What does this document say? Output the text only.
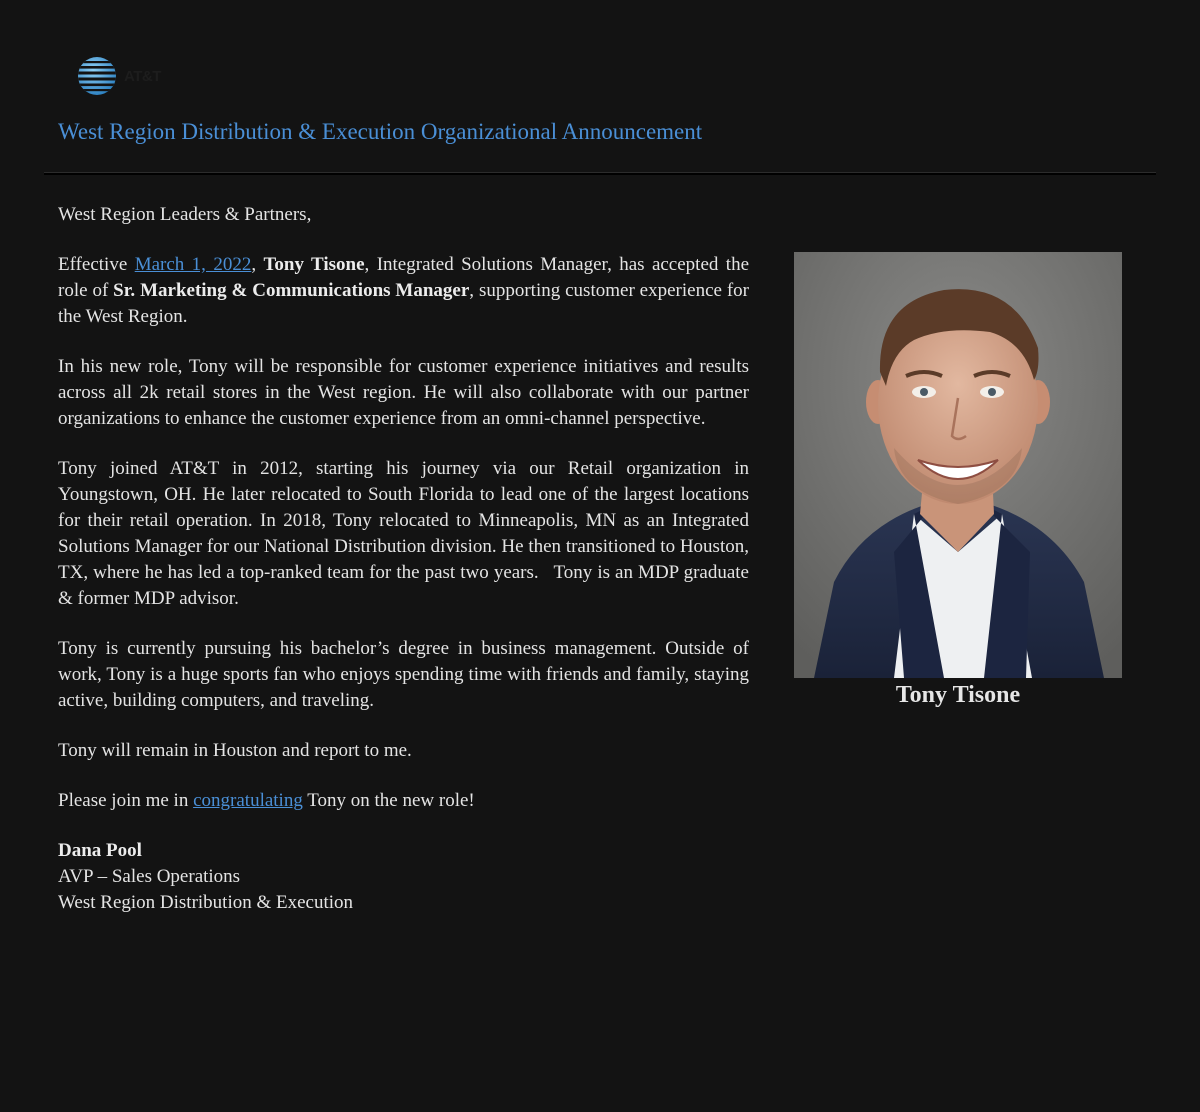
AT&T
West Region Distribution & Execution Organizational Announcement

West Region Leaders & Partners,

Effective March 1, 2022, Tony Tisone, Integrated Solutions Manager, has accepted the role of Sr. Marketing & Communications Manager, supporting customer experience for the West Region.

In his new role, Tony will be responsible for customer experience initiatives and results across all 2k retail stores in the West region. He will also collaborate with our partner organizations to enhance the customer experience from an omni-channel perspective.

Tony joined AT&T in 2012, starting his journey via our Retail organization in Youngstown, OH. He later relocated to South Florida to lead one of the largest locations for their retail operation. In 2018, Tony relocated to Minneapolis, MN as an Integrated Solutions Manager for our National Distribution division. He then transitioned to Houston, TX, where he has led a top-ranked team for the past two years.   Tony is an MDP graduate & former MDP advisor.

Tony is currently pursuing his bachelor’s degree in business management. Outside of work, Tony is a huge sports fan who enjoys spending time with friends and family, staying active, building computers, and traveling.

Tony will remain in Houston and report to me.

Please join me in congratulating Tony on the new role!

Dana Pool

AVP – Sales Operations

West Region Distribution & Execution

Tony Tisone
